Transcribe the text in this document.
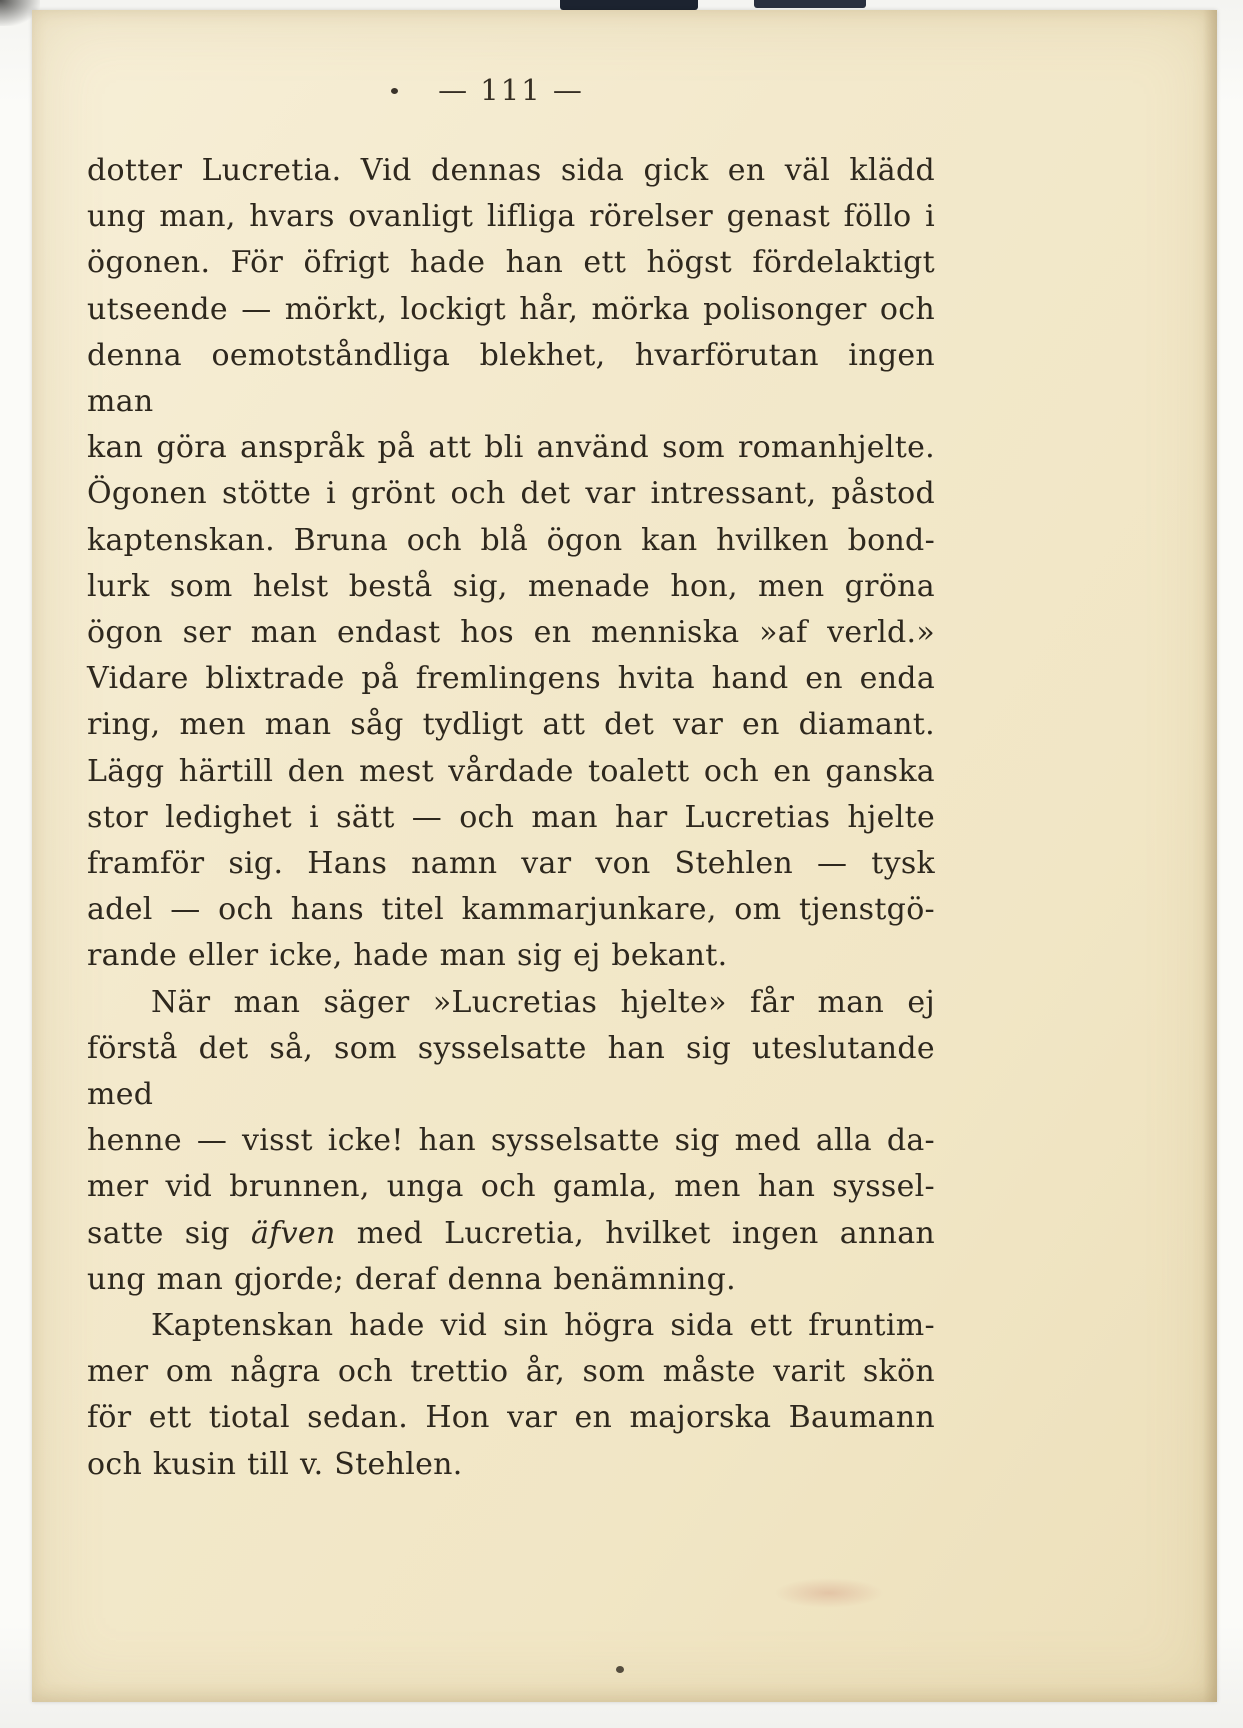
— 111 —
dotter Lucretia. Vid dennas sida gick en väl klädd
ung man, hvars ovanligt lifliga rörelser genast föllo i
ögonen. För öfrigt hade han ett högst fördelaktigt
utseende — mörkt, lockigt hår, mörka polisonger och
denna oemotståndliga blekhet, hvarförutan ingen man
kan göra anspråk på att bli använd som romanhjelte.
Ögonen stötte i grönt och det var intressant, påstod
kaptenskan. Bruna och blå ögon kan hvilken bond-
lurk som helst bestå sig, menade hon, men gröna
ögon ser man endast hos en menniska »af verld.»
Vidare blixtrade på fremlingens hvita hand en enda
ring, men man såg tydligt att det var en diamant.
Lägg härtill den mest vårdade toalett och en ganska
stor ledighet i sätt — och man har Lucretias hjelte
framför sig. Hans namn var von Stehlen — tysk
adel — och hans titel kammarjunkare, om tjenstgö-
rande eller icke, hade man sig ej bekant.
När man säger »Lucretias hjelte» får man ej
förstå det så, som sysselsatte han sig uteslutande med
henne — visst icke! han sysselsatte sig med alla da-
mer vid brunnen, unga och gamla, men han syssel-
satte sig äfven med Lucretia, hvilket ingen annan
ung man gjorde; deraf denna benämning.
Kaptenskan hade vid sin högra sida ett fruntim-
mer om några och trettio år, som måste varit skön
för ett tiotal sedan. Hon var en majorska Baumann
och kusin till v. Stehlen.
